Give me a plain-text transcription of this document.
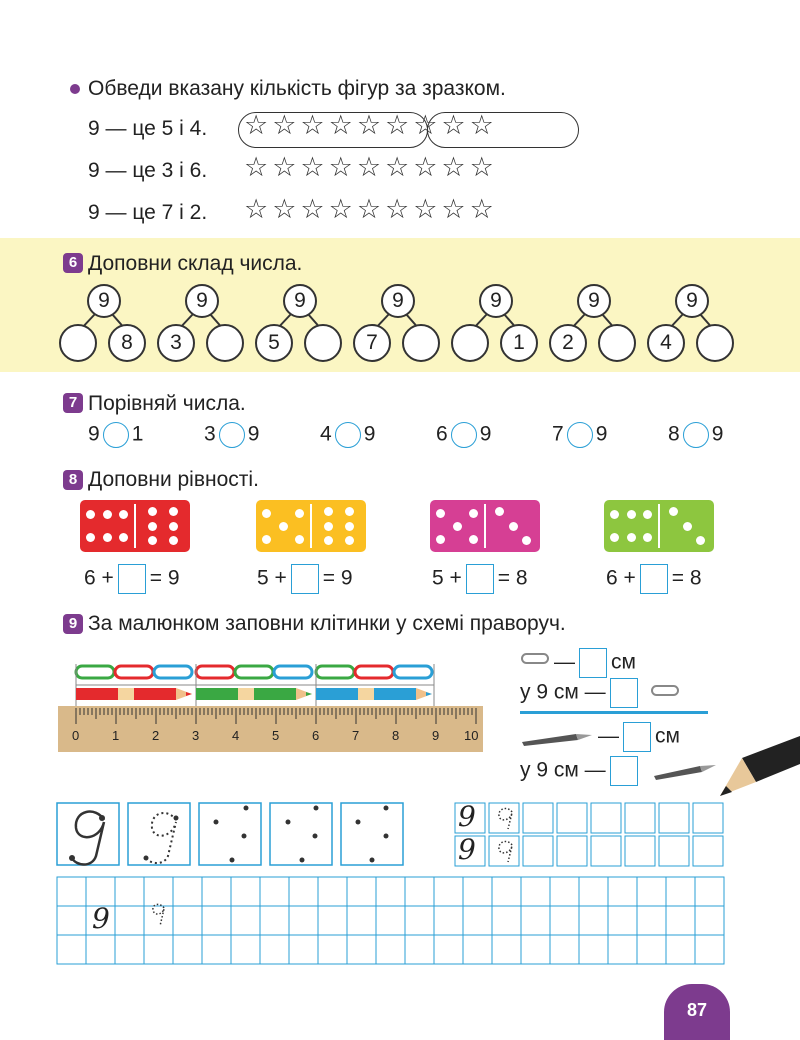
Обведи вказану кількість фігур за зразком.
9 — це 5 і 4. ☆☆☆☆☆☆☆☆☆
9 — це 3 і 6. ☆☆☆☆☆☆☆☆☆
9 — це 7 і 2. ☆☆☆☆☆☆☆☆☆
6 Доповни склад числа.
9
8
9
3
9
5
9
7
9
1
9
2
9
4
7 Порівняй числа.
9 1	3 9	4 9	6 9	7 9	8 9
8 Доповни рівності.
6 + = 9	5 + = 9	5 + = 8	6 + = 8
9 За малюнком заповни клітинки у схемі праворуч.
0	1	2	3	4	5	6	7	8	9 10
— см
у 9 см —
— см
у 9 см —
9
9
9
87
